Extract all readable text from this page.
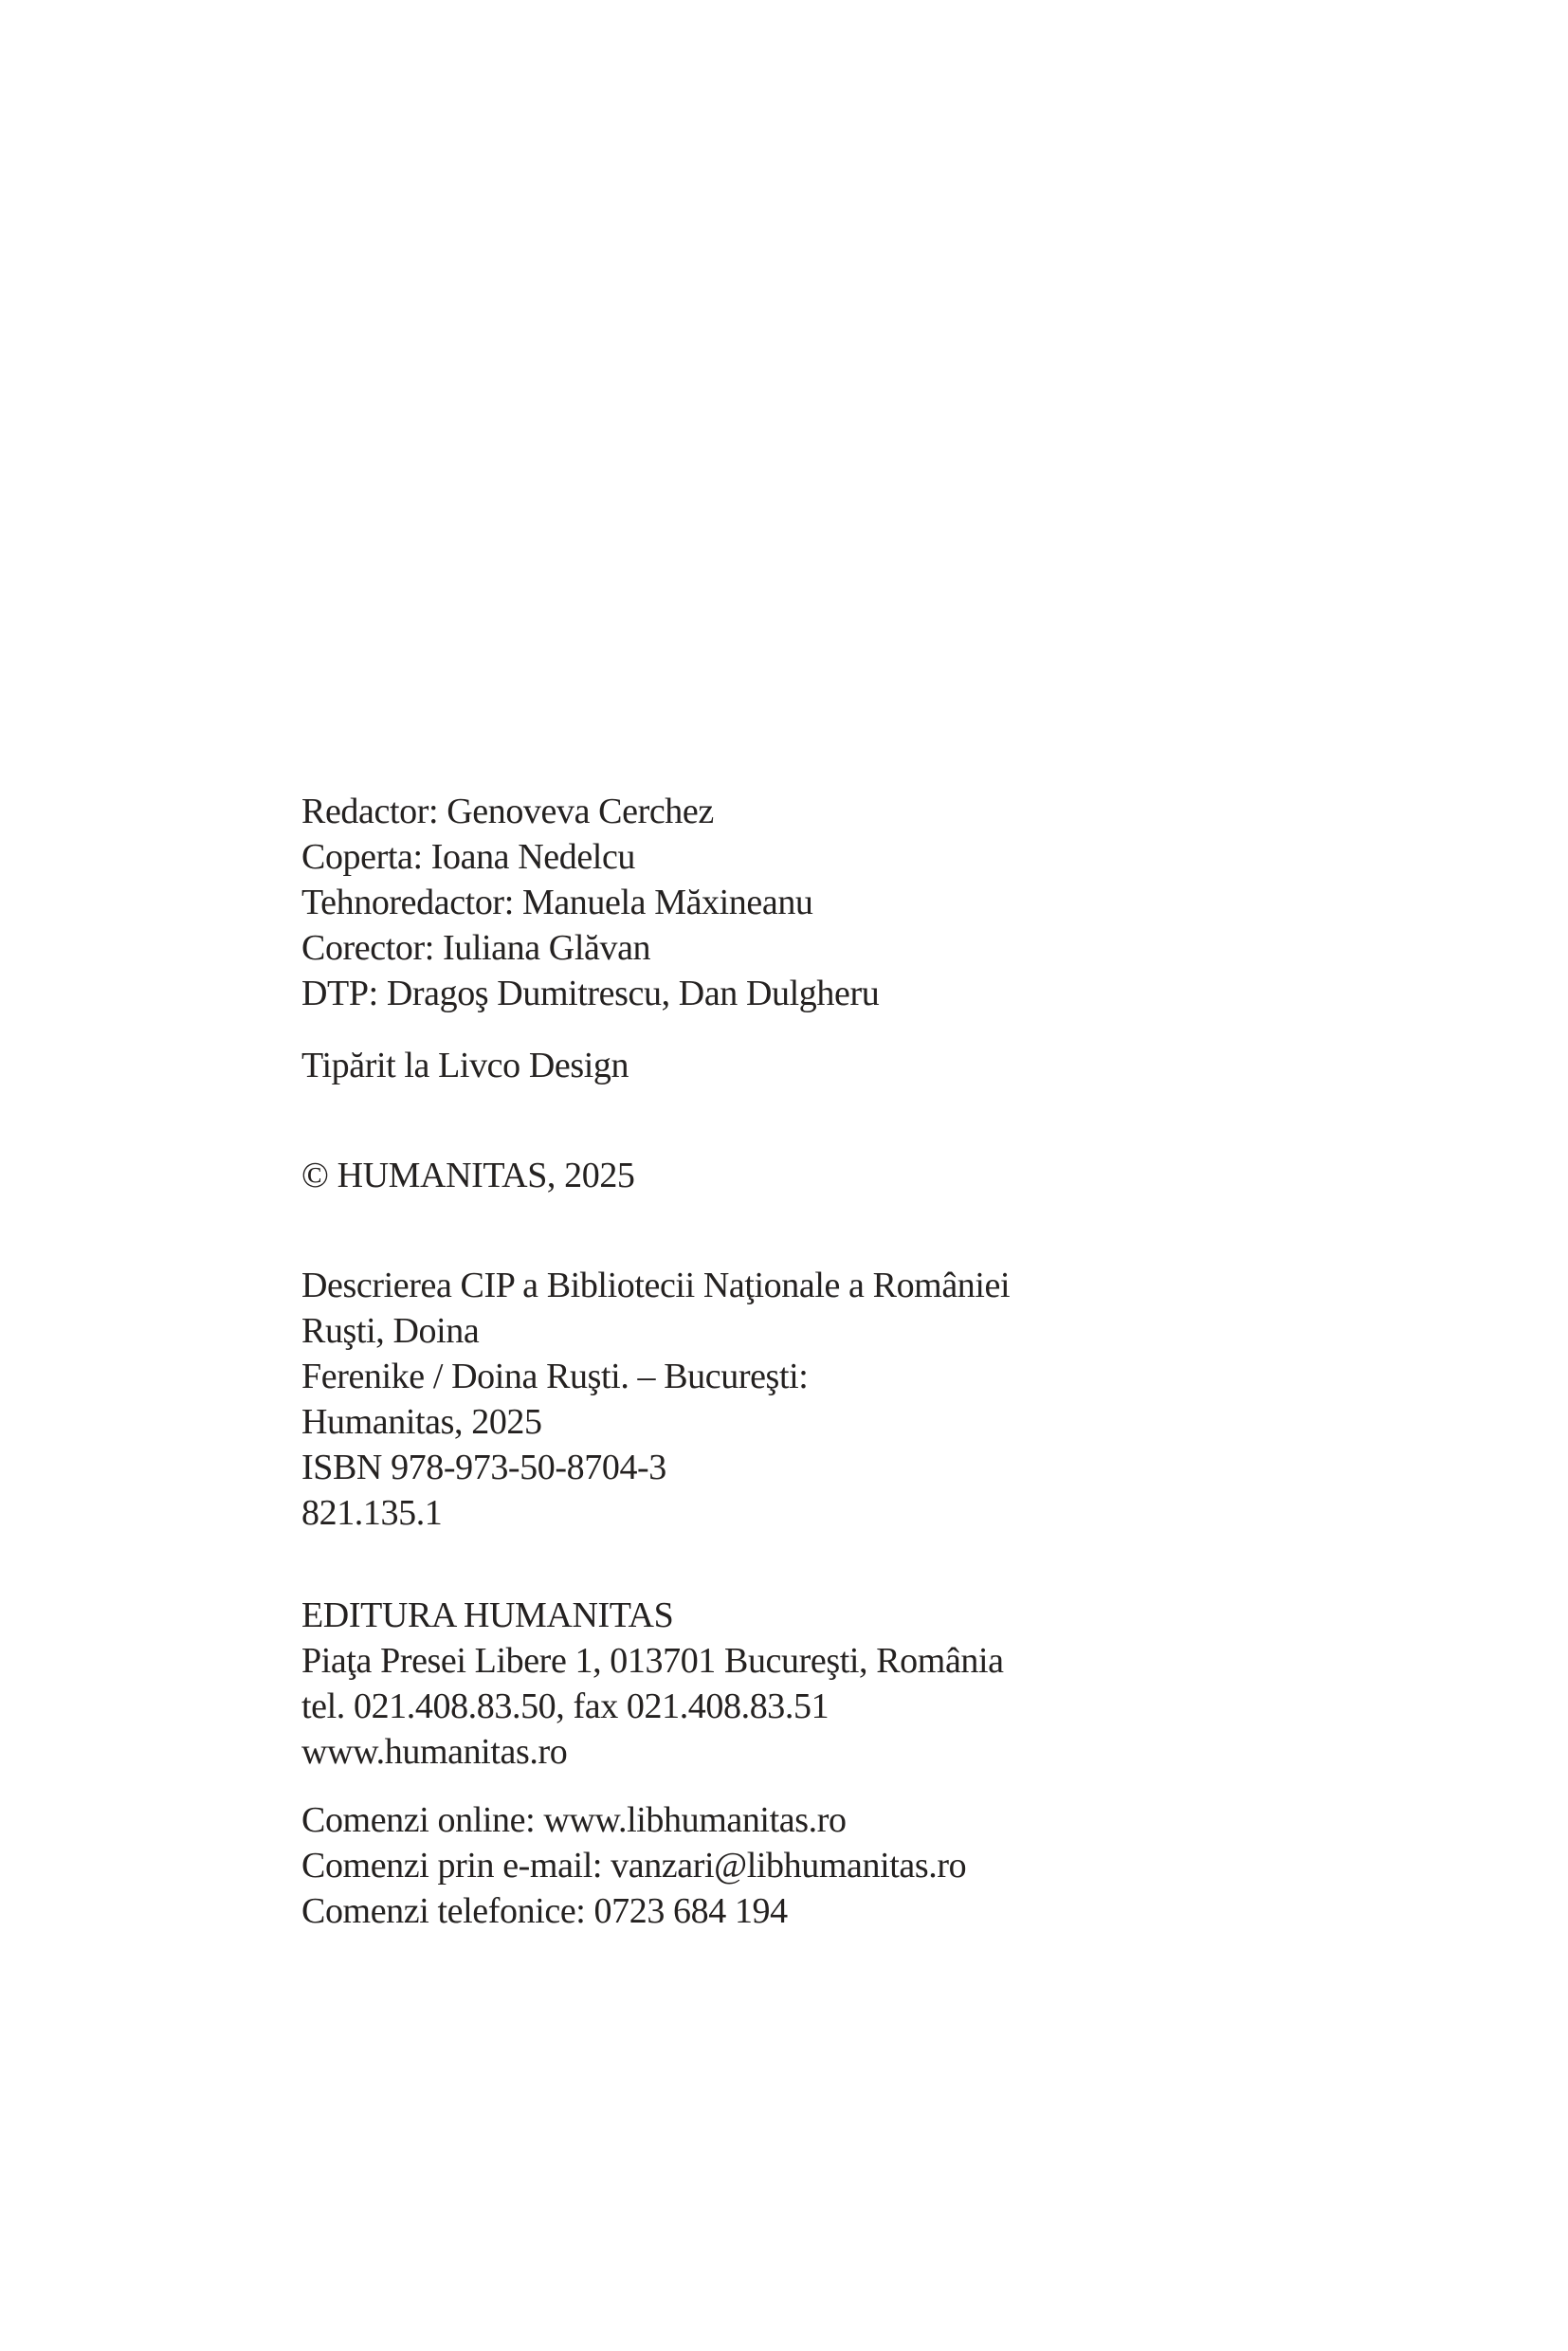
Redactor: Genoveva Cerchez
Coperta: Ioana Nedelcu
Tehnoredactor: Manuela Măxineanu
Corector: Iuliana Glăvan
DTP: Dragoş Dumitrescu, Dan Dulgheru
Tipărit la Livco Design
© HUMANITAS, 2025
Descrierea CIP a Bibliotecii Naţionale a României
Ruşti, Doina
Ferenike / Doina Ruşti. – Bucureşti:
Humanitas, 2025
ISBN 978-973-50-8704-3
821.135.1
EDITURA HUMANITAS
Piaţa Presei Libere 1, 013701 Bucureşti, România
tel. 021.408.83.50, fax 021.408.83.51
www.humanitas.ro
Comenzi online: www.libhumanitas.ro
Comenzi prin e-mail: vanzari@libhumanitas.ro
Comenzi telefonice: 0723 684 194
